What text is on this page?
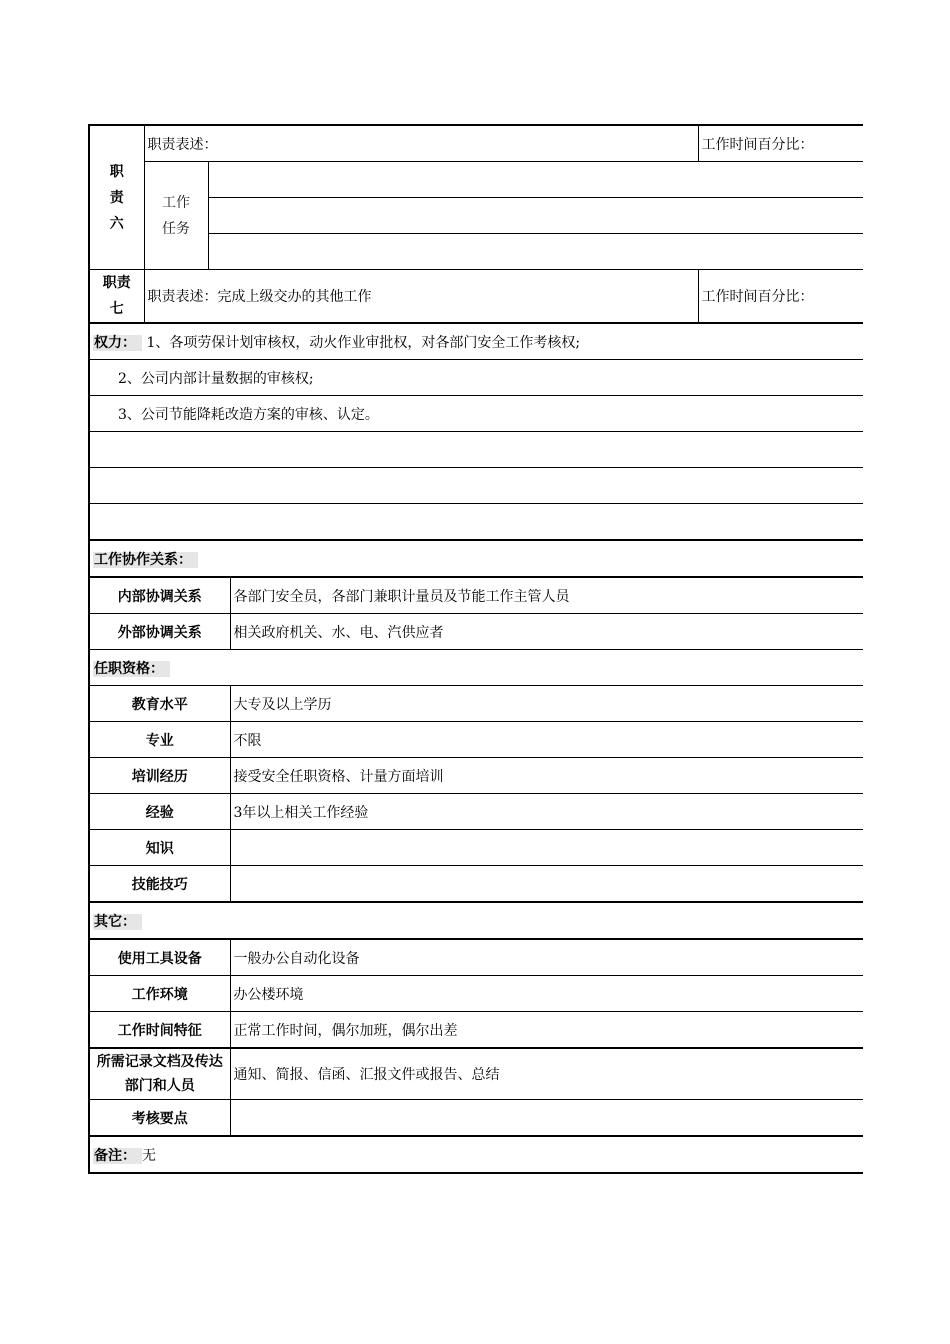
职责六	职责表述：			工作时间百分比：
	工作任务			

职责七	职责表述：完成上级交办的其他工作			工作时间百分比：
权力： 1、各项劳保计划审核权，动火作业审批权，对各部门安全工作考核权;				
2、公司内部计量数据的审核权;				
3、公司节能降耗改造方案的审核、认定。				

工作协作关系：				
内部协调关系			各部门安全员，各部门兼职计量员及节能工作主管人员	
外部协调关系			相关政府机关、水、电、汽供应者	
任职资格：				
教育水平			大专及以上学历	
专业			不限	
培训经历			接受安全任职资格、计量方面培训	
经验			3年以上相关工作经验	
知识				
技能技巧				
其它：				
使用工具设备			一般办公自动化设备	
工作环境			办公楼环境	
工作时间特征			正常工作时间，偶尔加班，偶尔出差	
所需记录文档及传达部门和人员			通知、简报、信函、汇报文件或报告、总结	
考核要点				
备注： 无				
